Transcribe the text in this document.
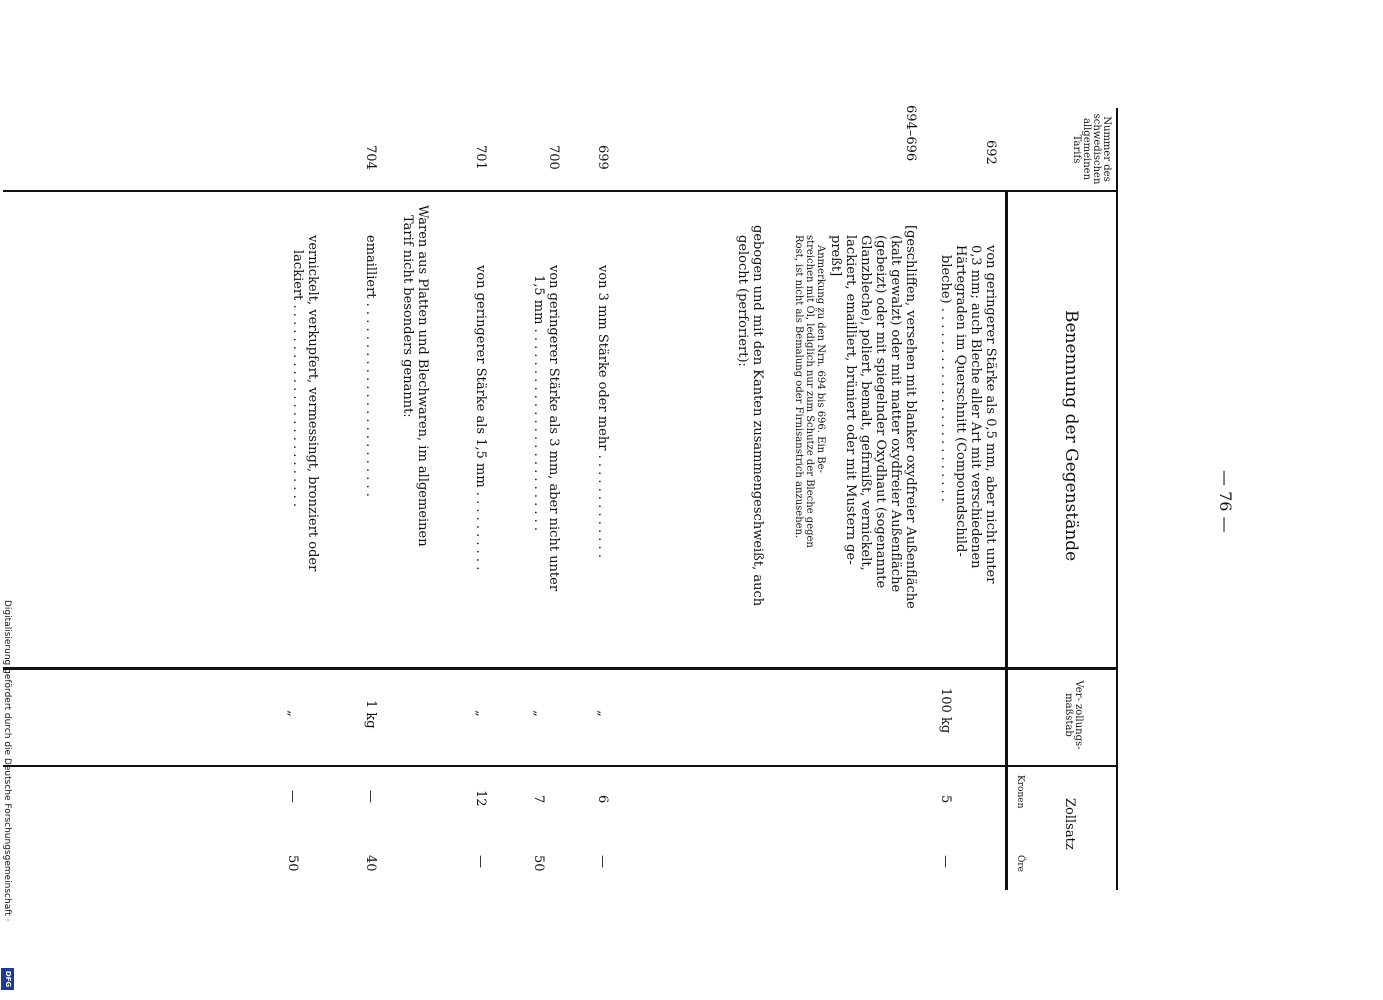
— 76 —
Nummer des schwedischen allgemeinen Tarifs
Benennung der Gegenstände
Ver- zollungs- maßstab
Zollsatz
Kronen
Öre
692
von geringerer Stärke als 0,5 mm, aber nicht unter
0,3 mm; auch Bleche aller Art mit verschiedenen
Härtegraden im Querschnitt (Compoundschild-
bleche) . . . . . . . . . . . . . . . . . . . . . . . .
100 kg
5
—
694–696
[geschliffen, versehen mit blanker oxydfreier Außenfläche
(kalt gewalzt) oder mit matter oxydfreier Außenfläche
(gebeizt) oder mit spiegelnder Oxydhaut (sogenannte
Glanzbleche), poliert, bemalt, gefirnißt, vernickelt,
lackiert, emailliert, brüniert oder mit Mustern ge-
preßt]
Anmerkung zu den Nrn. 694 bis 696. Ein Be-
streichen mit Öl, lediglich nur zum Schutze der Bleche gegen
Rost, ist nicht als Bemalung oder Firnisanstrich anzusehen.
gebogen und mit den Kanten zusammengeschweißt, auch
gelocht (perforiert):
699
von 3 mm Stärke oder mehr . . . . . . . . . . . . .
„
6
—
700
von geringerer Stärke als 3 mm, aber nicht unter
1,5 mm . . . . . . . . . . . . . . . . . . . . . . . . .
„
7
50
701
von geringerer Stärke als 1,5 mm . . . . . . . . . .
„
12
—
Waren aus Platten und Blechwaren, im allgemeinen
Tarif nicht besonders genannt:
704
emailliert . . . . . . . . . . . . . . . . . . . . . . . .
1 kg
—
40
vernickelt, verkupfert, vermessingt, bronziert oder
lackiert . . . . . . . . . . . . . . . . . . . . . . . . .
„
—
50
Digitalisierung gefördert durch die Deutsche Forschungsgemeinschaft ·
DFG
